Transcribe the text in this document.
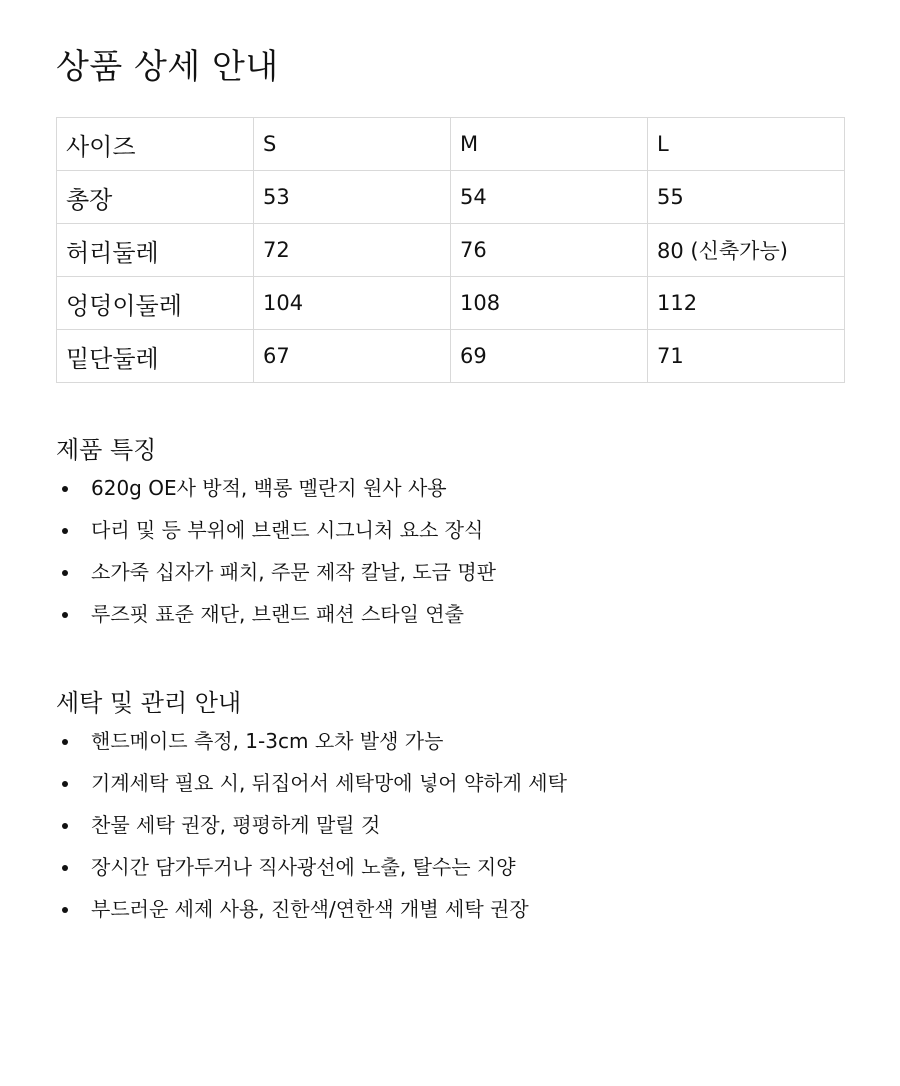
상품 상세 안내
사이즈	S	M	L
총장	53	54	55
허리둘레	72	76	80 (신축가능)
엉덩이둘레	104	108	112
밑단둘레	67	69	71
제품 특징
620g OE사 방적, 백롱 멜란지 원사 사용
다리 및 등 부위에 브랜드 시그니처 요소 장식
소가죽 십자가 패치, 주문 제작 칼날, 도금 명판
루즈핏 표준 재단, 브랜드 패션 스타일 연출
세탁 및 관리 안내
핸드메이드 측정, 1-3cm 오차 발생 가능
기계세탁 필요 시, 뒤집어서 세탁망에 넣어 약하게 세탁
찬물 세탁 권장, 평평하게 말릴 것
장시간 담가두거나 직사광선에 노출, 탈수는 지양
부드러운 세제 사용, 진한색/연한색 개별 세탁 권장
